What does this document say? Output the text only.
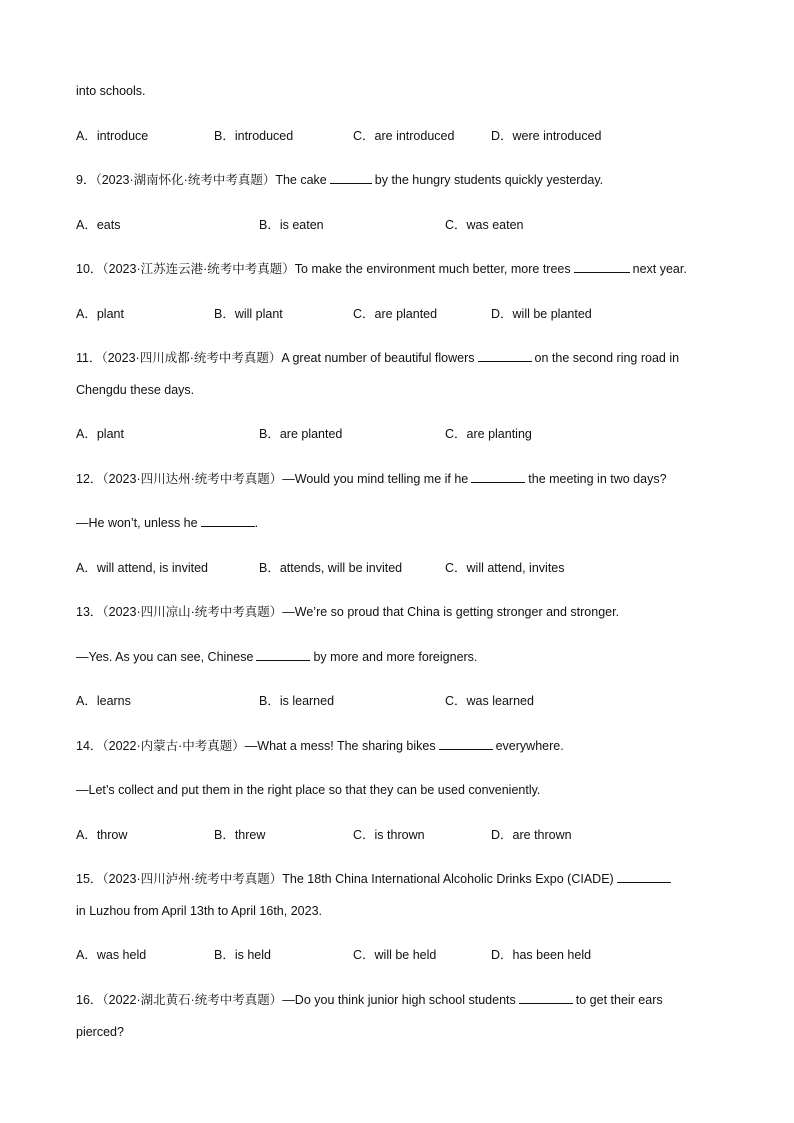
into schools.
A．introduce	B．introduced	C．are introduced	D．were introduced
9．（2023·湖南怀化·统考中考真题）The cake	by the hungry students quickly yesterday.
A．eats	B．is eaten	C．was eaten
10．（2023·江苏连云港·统考中考真题）To make the environment much better, more trees	next year.
A．plant	B．will plant	C．are planted	D．will be planted
11．（2023·四川成都·统考中考真题）A great number of beautiful flowers	on the second ring road in
Chengdu these days.
A．plant	B．are planted	C．are planting
12．（2023·四川达州·统考中考真题）—Would you mind telling me if he	the meeting in two days?
—He won’t, unless he	.
A．will attend, is invited	B．attends, will be invited	C．will attend, invites
13．（2023·四川凉山·统考中考真题）—We’re so proud that China is getting stronger and stronger.
—Yes. As you can see, Chinese	by more and more foreigners.
A．learns	B．is learned	C．was learned
14．（2022·内蒙古·中考真题）—What a mess! The sharing bikes	everywhere.
—Let’s collect and put them in the right place so that they can be used conveniently.
A．throw	B．threw	C．is thrown	D．are thrown
15．（2023·四川泸州·统考中考真题）The 18th China International Alcoholic Drinks Expo (CIADE)
in Luzhou from April 13th to April 16th, 2023.
A．was held	B．is held	C．will be held	D．has been held
16．（2022·湖北黄石·统考中考真题）—Do you think junior high school students	to get their ears
pierced?
